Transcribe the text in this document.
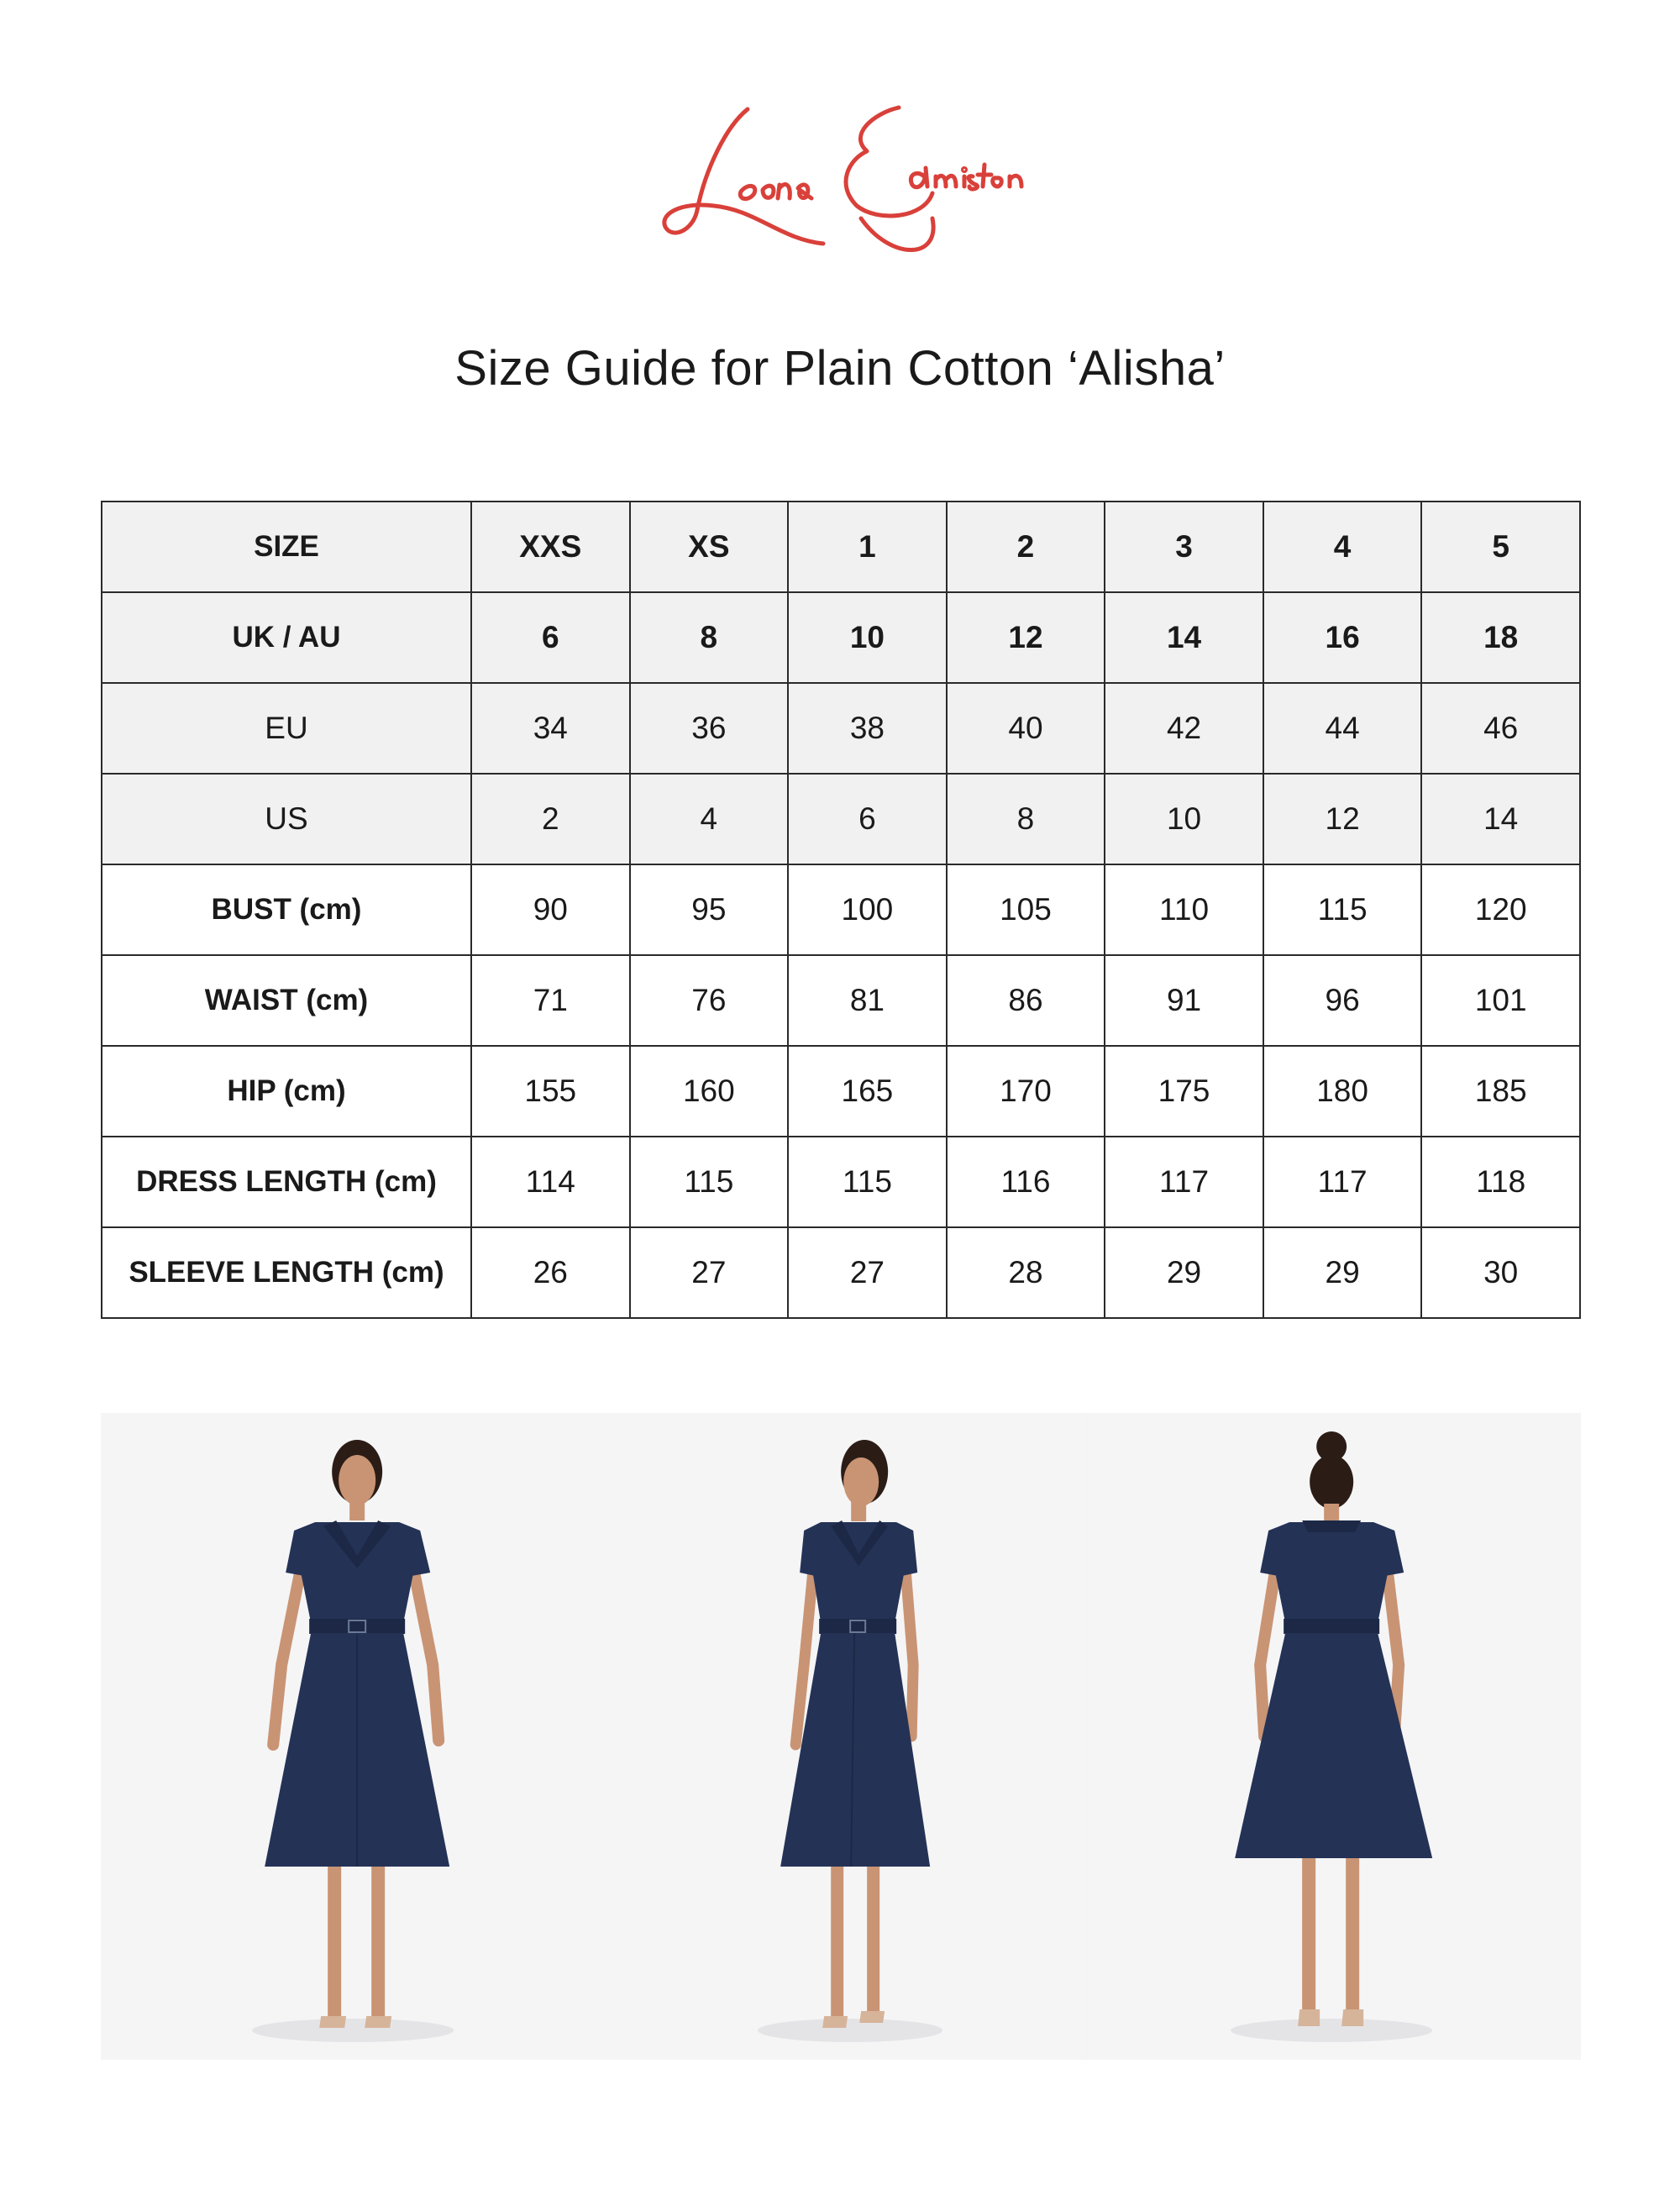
Size Guide for Plain Cotton ‘Alisha’
SIZE	XXS	XS	1	2	3	4	5
UK / AU	6	8	10	12	14	16	18
EU	34	36	38	40	42	44	46
US	2	4	6	8	10	12	14
BUST (cm)	90	95	100	105	110	115	120
WAIST (cm)	71	76	81	86	91	96	101
HIP (cm)	155	160	165	170	175	180	185
DRESS LENGTH (cm)	114	115	115	116	117	117	118
SLEEVE LENGTH (cm)	26	27	27	28	29	29	30
